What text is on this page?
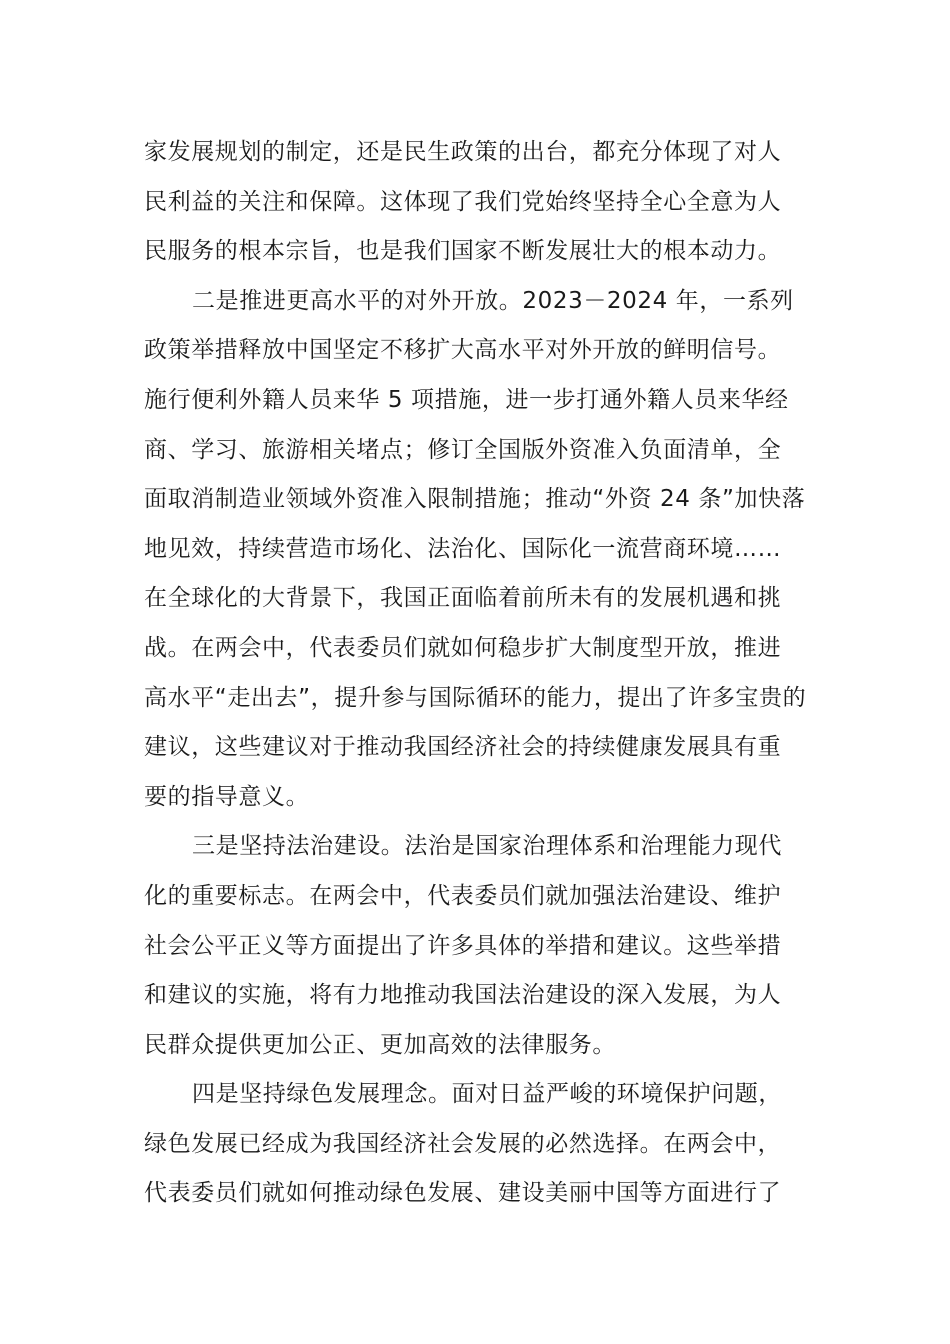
家发展规划的制定，还是民生政策的出台，都充分体现了对人
民利益的关注和保障。这体现了我们党始终坚持全心全意为人
民服务的根本宗旨，也是我们国家不断发展壮大的根本动力。
二是推进更高水平的对外开放。2023－2024 年，一系列
政策举措释放中国坚定不移扩大高水平对外开放的鲜明信号。
施行便利外籍人员来华 5 项措施，进一步打通外籍人员来华经
商、学习、旅游相关堵点；修订全国版外资准入负面清单，全
面取消制造业领域外资准入限制措施；推动“外资 24 条”加快落
地见效，持续营造市场化、法治化、国际化一流营商环境……
在全球化的大背景下，我国正面临着前所未有的发展机遇和挑
战。在两会中，代表委员们就如何稳步扩大制度型开放，推进
高水平“走出去”，提升参与国际循环的能力，提出了许多宝贵的
建议，这些建议对于推动我国经济社会的持续健康发展具有重
要的指导意义。
三是坚持法治建设。法治是国家治理体系和治理能力现代
化的重要标志。在两会中，代表委员们就加强法治建设、维护
社会公平正义等方面提出了许多具体的举措和建议。这些举措
和建议的实施，将有力地推动我国法治建设的深入发展，为人
民群众提供更加公正、更加高效的法律服务。
四是坚持绿色发展理念。面对日益严峻的环境保护问题，
绿色发展已经成为我国经济社会发展的必然选择。在两会中，
代表委员们就如何推动绿色发展、建设美丽中国等方面进行了
